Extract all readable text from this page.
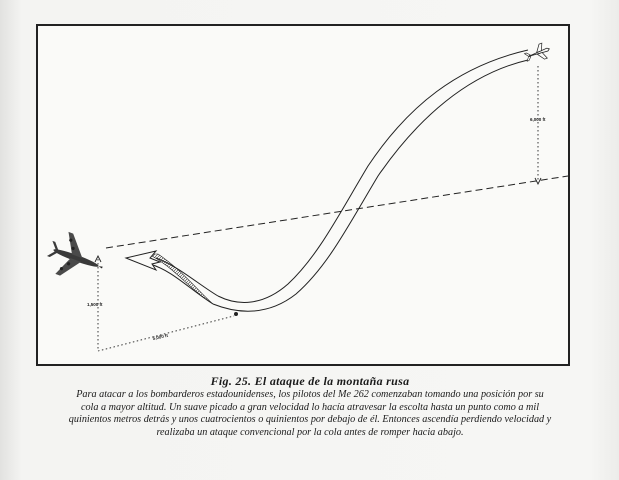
1,500 ft
5,000 ft
6,000 ft
Fig. 25. El ataque de la montaña rusa
Para atacar a los bombarderos estadounidenses, los pilotos del Me 262 comenzaban tomando una posición por su
cola a mayor altitud. Un suave picado a gran velocidad lo hacía atravesar la escolta hasta un punto como a mil
quinientos metros detrás y unos cuatrocientos o quinientos por debajo de él. Entonces ascendía perdiendo velocidad y
realizaba un ataque convencional por la cola antes de romper hacia abajo.
